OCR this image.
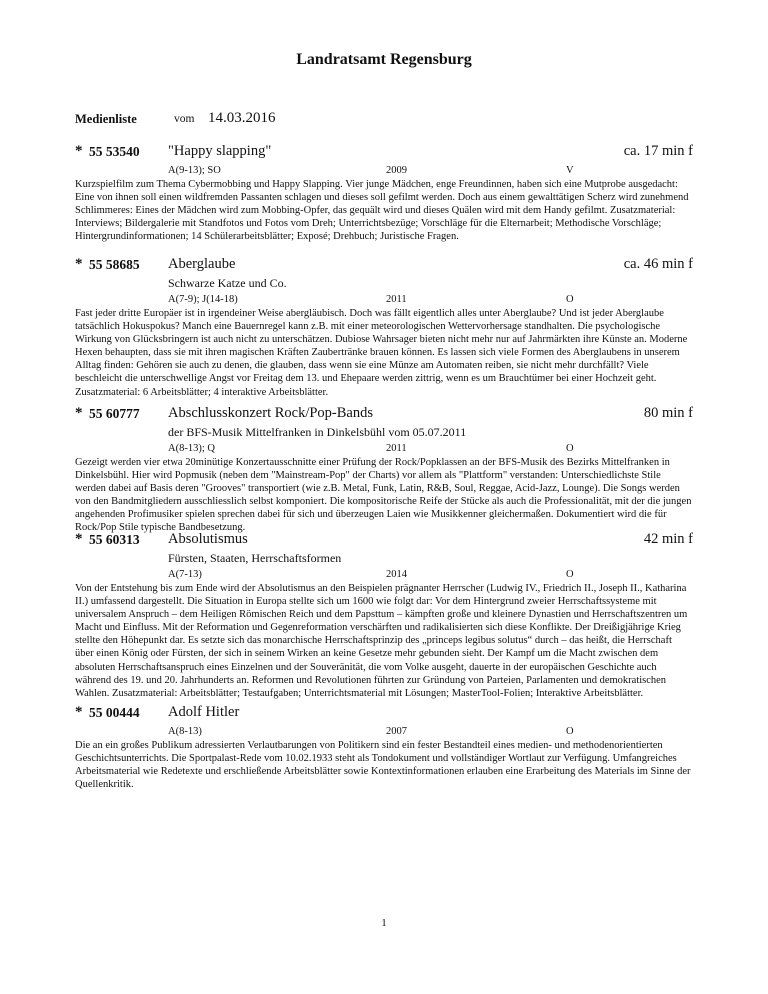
Landratsamt Regensburg
Medienliste	vom 14.03.2016
* 55 53540 "Happy slapping"	ca. 17 min f
A(9-13); SO	2009	V
Kurzspielfilm zum Thema Cybermobbing und Happy Slapping. Vier junge Mädchen, enge Freundinnen, haben sich eine Mutprobe ausgedacht: Eine von ihnen soll einen wildfremden Passanten schlagen und dieses soll gefilmt werden. Doch aus einem gewalttätigen Scherz wird zunehmend Schlimmeres: Eines der Mädchen wird zum Mobbing-Opfer, das gequält wird und dieses Quälen wird mit dem Handy gefilmt. Zusatzmaterial: Interviews; Bildergalerie mit Standfotos und Fotos vom Dreh; Unterrichtsbezüge; Vorschläge für die Elternarbeit; Methodische Vorschläge; Hintergrundinformationen; 14 Schülerarbeitsblätter; Exposé; Drehbuch; Juristische Fragen.
* 55 58685 Aberglaube	ca. 46 min f
Schwarze Katze und Co.
A(7-9); J(14-18)	2011	O
Fast jeder dritte Europäer ist in irgendeiner Weise abergläubisch. Doch was fällt eigentlich alles unter Aberglaube? Und ist jeder Aberglaube tatsächlich Hokuspokus? Manch eine Bauernregel kann z.B. mit einer meteorologischen Wettervorhersage standhalten. Die psychologische Wirkung von Glücksbringern ist auch nicht zu unterschätzen. Dubiose Wahrsager bieten nicht mehr nur auf Jahrmärkten ihre Künste an. Moderne Hexen behaupten, dass sie mit ihren magischen Kräften Zaubertränke brauen können. Es lassen sich viele Formen des Aberglaubens in unserem Alltag finden: Gehören sie auch zu denen, die glauben, dass wenn sie eine Münze am Automaten reiben, sie nicht mehr durchfällt? Viele beschleicht die unterschwellige Angst vor Freitag dem 13. und Ehepaare werden zittrig, wenn es um Brauchtümer bei einer Hochzeit geht. Zusatzmaterial: 6 Arbeitsblätter; 4 interaktive Arbeitsblätter.
* 55 60777 Abschlusskonzert Rock/Pop-Bands	80 min f
der BFS-Musik Mittelfranken in Dinkelsbühl vom 05.07.2011
A(8-13); Q	2011	O
Gezeigt werden vier etwa 20minütige Konzertausschnitte einer Prüfung der Rock/Popklassen an der BFS-Musik des Bezirks Mittelfranken in Dinkelsbühl. Hier wird Popmusik (neben dem "Mainstream-Pop" der Charts) vor allem als "Plattform" verstanden: Unterschiedlichste Stile werden dabei auf Basis deren "Grooves" transportiert (wie z.B. Metal, Funk, Latin, R&B, Soul, Reggae, Acid-Jazz, Lounge). Die Songs werden von den Bandmitgliedern ausschliesslich selbst komponiert. Die kompositorische Reife der Stücke als auch die Professionalität, mit der die jungen angehenden Profimusiker spielen sprechen dabei für sich und überzeugen Laien wie Musikkenner gleichermaßen. Dokumentiert wird die für Rock/Pop Stile typische Bandbesetzung.
* 55 60313 Absolutismus	42 min f
Fürsten, Staaten, Herrschaftsformen
A(7-13)	2014	O
Von der Entstehung bis zum Ende wird der Absolutismus an den Beispielen prägnanter Herrscher (Ludwig IV., Friedrich II., Joseph II., Katharina II.) umfassend dargestellt. Die Situation in Europa stellte sich um 1600 wie folgt dar: Vor dem Hintergrund zweier Herrschaftssysteme mit universalem Anspruch – dem Heiligen Römischen Reich und dem Papsttum – kämpften große und kleinere Dynastien und Herrschaftszentren um Macht und Einfluss. Mit der Reformation und Gegenreformation verschärften und radikalisierten sich diese Konflikte. Der Dreißigjährige Krieg stellte den Höhepunkt dar. Es setzte sich das monarchische Herrschaftsprinzip des „princeps legibus solutus“ durch – das heißt, die Herrschaft über einen König oder Fürsten, der sich in seinem Wirken an keine Gesetze mehr gebunden sieht. Der Kampf um die Macht zwischen dem absoluten Herrschaftsanspruch eines Einzelnen und der Souveränität, die vom Volke ausgeht, dauerte in der europäischen Geschichte auch während des 19. und 20. Jahrhunderts an. Reformen und Revolutionen führten zur Gründung von Parteien, Parlamenten und demokratischen Wahlen. Zusatzmaterial: Arbeitsblätter; Testaufgaben; Unterrichtsmaterial mit Lösungen; MasterTool-Folien; Interaktive Arbeitsblätter.
* 55 00444 Adolf Hitler
A(8-13)	2007	O
Die an ein großes Publikum adressierten Verlautbarungen von Politikern sind ein fester Bestandteil eines medien- und methodenorientierten Geschichtsunterrichts. Die Sportpalast-Rede vom 10.02.1933 steht als Tondokument und vollständiger Wortlaut zur Verfügung. Umfangreiches Arbeitsmaterial wie Redetexte und erschließende Arbeitsblätter sowie Kontextinformationen erlauben eine Erarbeitung des Materials im Sinne der Quellenkritik.
1
